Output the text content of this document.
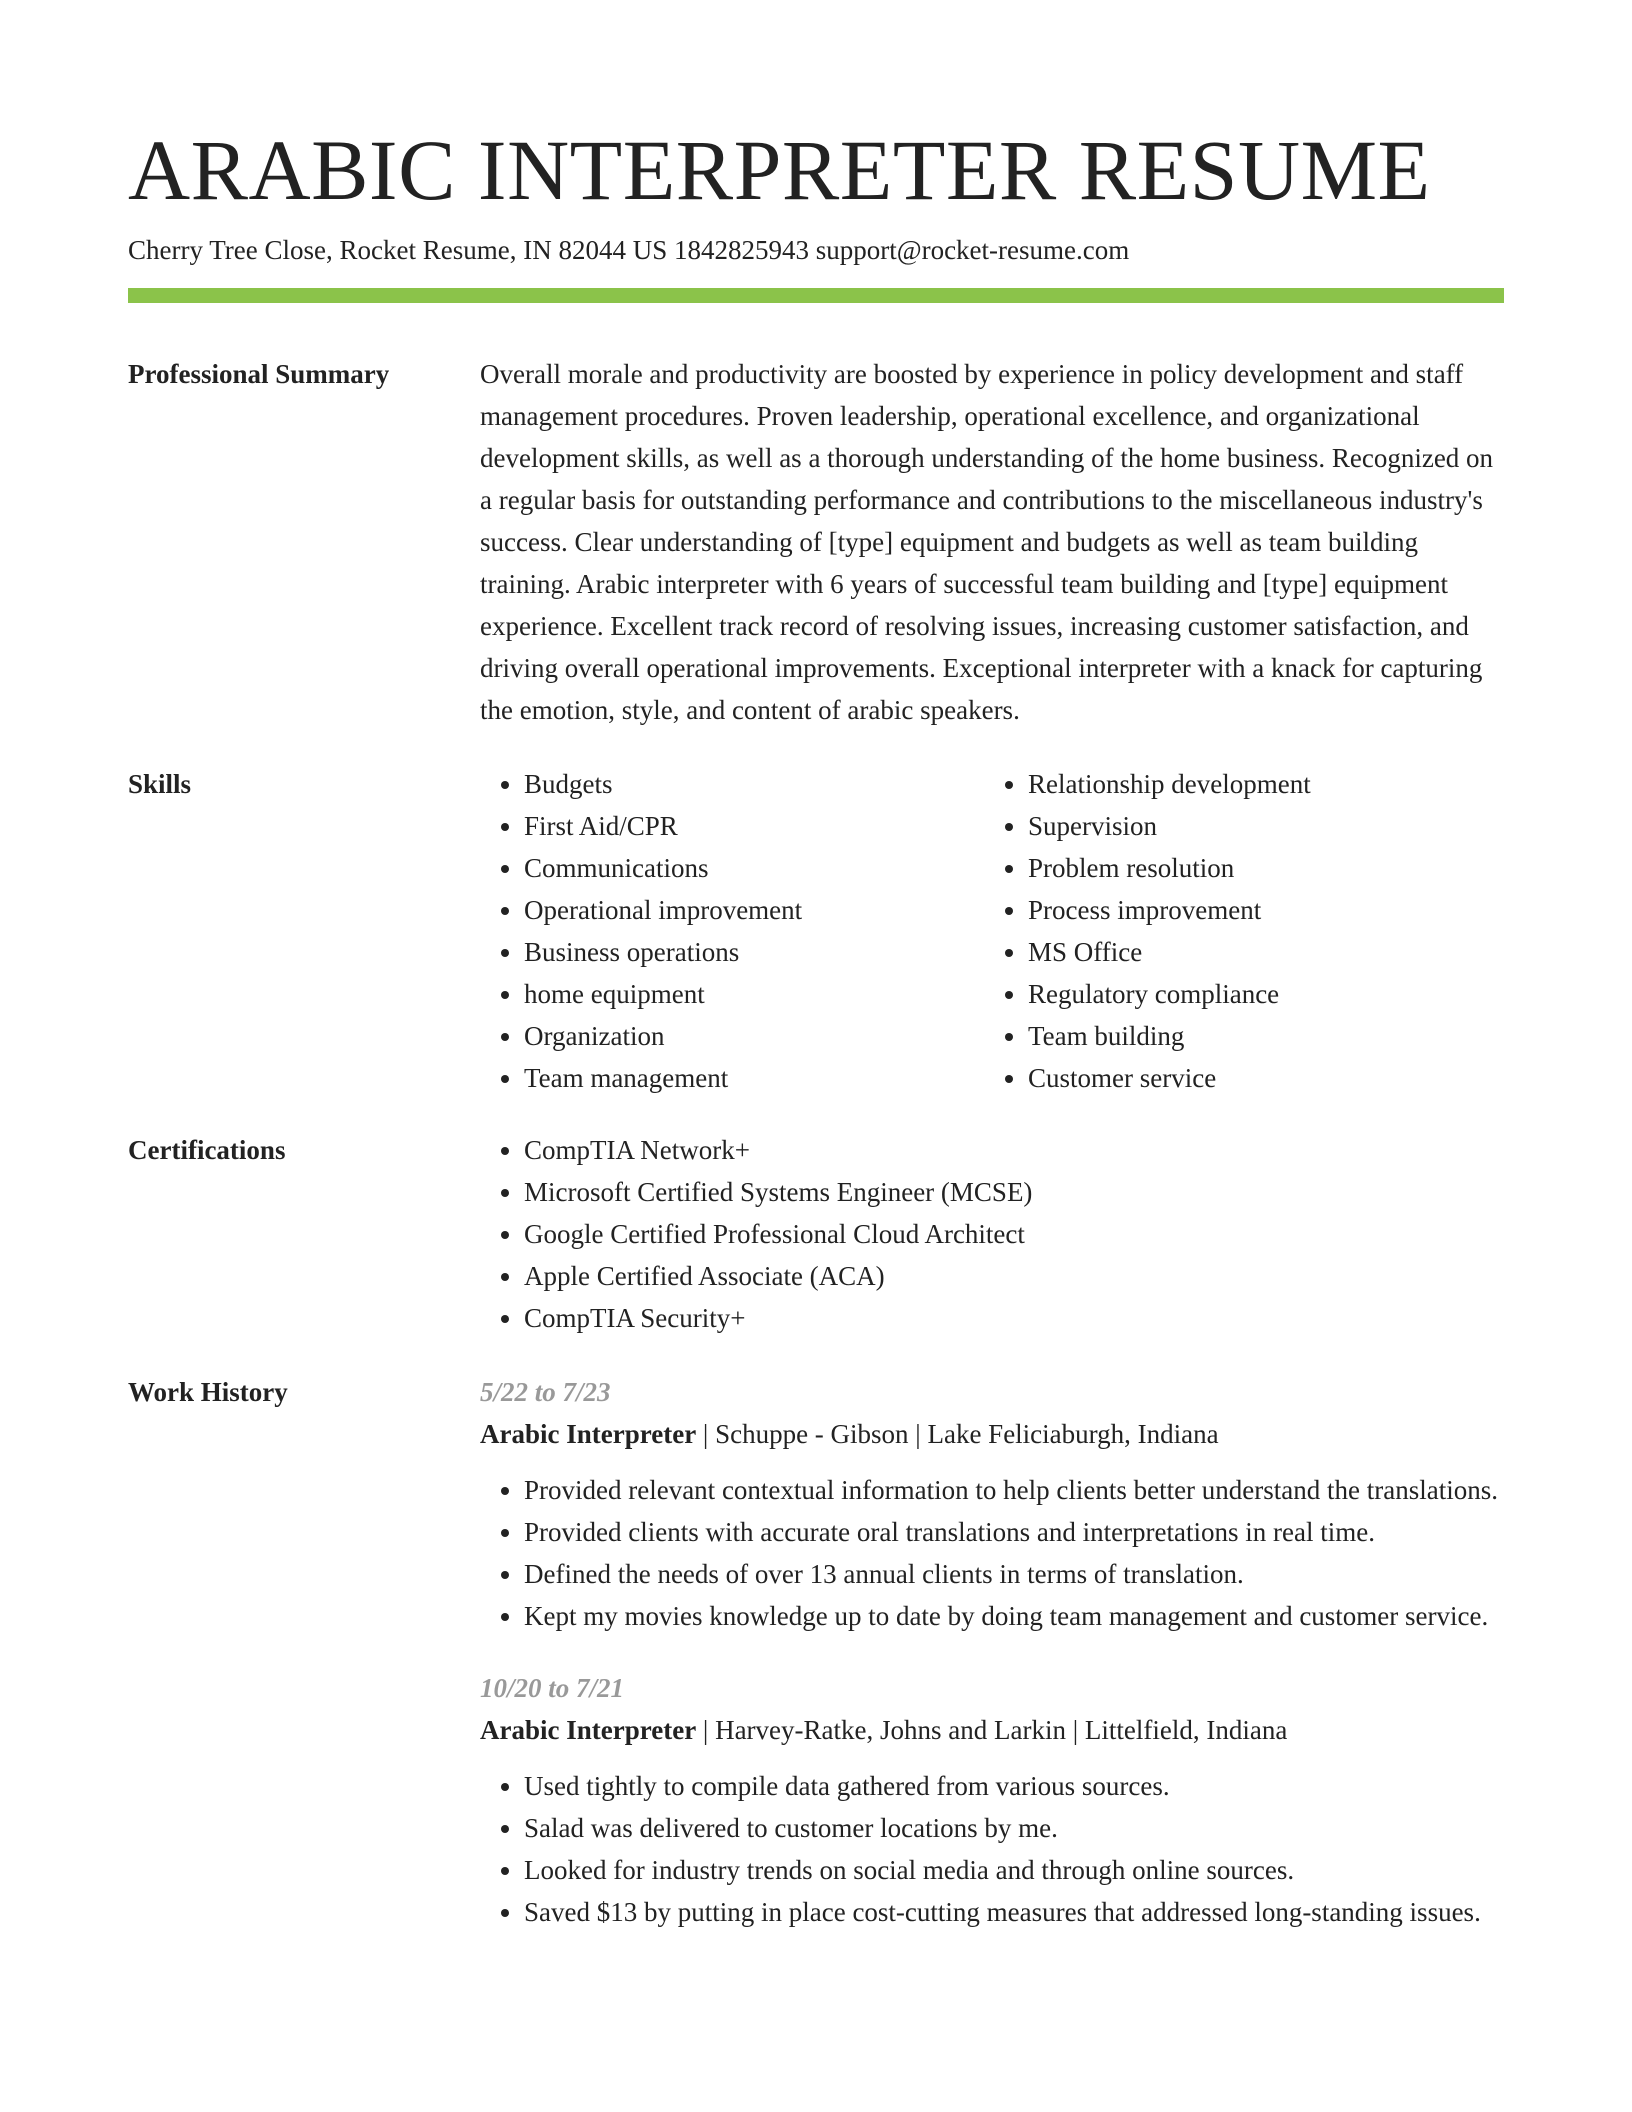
ARABIC INTERPRETER RESUME
Cherry Tree Close, Rocket Resume, IN 82044 US 1842825943 support@rocket-resume.com
Professional Summary	Overall morale and productivity are boosted by experience in policy development and staff management procedures. Proven leadership, operational excellence, and organizational development skills, as well as a thorough understanding of the home business. Recognized on a regular basis for outstanding performance and contributions to the miscellaneous industry's success. Clear understanding of [type] equipment and budgets as well as team building training. Arabic interpreter with 6 years of successful team building and [type] equipment experience. Excellent track record of resolving issues, increasing customer satisfaction, and driving overall operational improvements. Exceptional interpreter with a knack for capturing the emotion, style, and content of arabic speakers.
Skills	• Budgets
• First Aid/CPR
• Communications
• Operational improvement
• Business operations
• home equipment
• Organization
• Team management
• Relationship development
• Supervision
• Problem resolution
• Process improvement
• MS Office
• Regulatory compliance
• Team building
• Customer service
Certifications	• CompTIA Network+
• Microsoft Certified Systems Engineer (MCSE)
• Google Certified Professional Cloud Architect
• Apple Certified Associate (ACA)
• CompTIA Security+
Work History	5/22 to 7/23
Arabic Interpreter | Schuppe - Gibson | Lake Feliciaburgh, Indiana
• Provided relevant contextual information to help clients better understand the translations.
• Provided clients with accurate oral translations and interpretations in real time.
• Defined the needs of over 13 annual clients in terms of translation.
• Kept my movies knowledge up to date by doing team management and customer service.
10/20 to 7/21
Arabic Interpreter | Harvey-Ratke, Johns and Larkin | Littelfield, Indiana
• Used tightly to compile data gathered from various sources.
• Salad was delivered to customer locations by me.
• Looked for industry trends on social media and through online sources.
• Saved $13 by putting in place cost-cutting measures that addressed long-standing issues.
